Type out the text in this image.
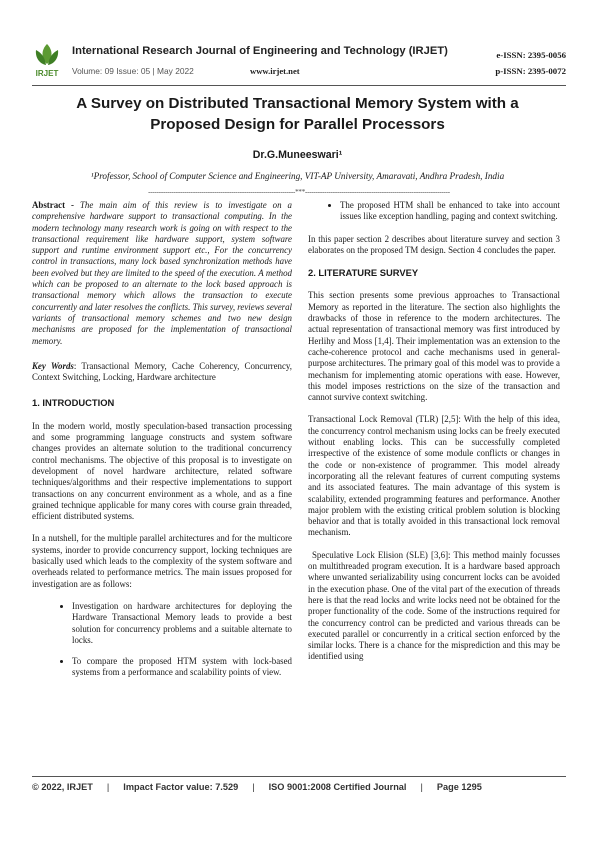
IRJET
International Research Journal of Engineering and Technology (IRJET)
Volume: 09 Issue: 05 | May 2022	www.irjet.net
e-ISSN: 2395-0056
p-ISSN: 2395-0072
A Survey on Distributed Transactional Memory System with a
Proposed Design for Parallel Processors
Dr.G.Muneeswari¹
¹Professor, School of Computer Science and Engineering, VIT-AP University, Amaravati, Andhra Pradesh, India
---------------------------------------------------------------------***--------------------------------------------------------------------

Abstract - The main aim of this review is to investigate on a comprehensive hardware support to transactional computing. In the modern technology many research work is going on with respect to the transactional requirement like hardware support, system software support and runtime environment support etc., For the concurrency control in transactions, many lock based synchronization methods have been evolved but they are limited to the speed of the execution. A method which can be proposed to an alternate to the lock based approach is transactional memory which allows the transaction to execute concurrently and later resolves the conflicts. This survey, reviews several variants of transactional memory schemes and two new design mechanisms are proposed for the implementation of transactional memory.

Key Words: Transactional Memory, Cache Coherency, Concurrency, Context Switching, Locking, Hardware architecture

1. INTRODUCTION

In the modern world, mostly speculation-based transaction processing and some programming language constructs and system software changes provides an alternate solution to the traditional concurrency control mechanisms. The objective of this proposal is to investigate on development of novel hardware architecture, related software techniques/algorithms and their respective implementations to support transactions on any concurrent environment as a whole, and as a fine grained technique applicable for many cores with course grain threaded, efficient distributed systems.

In a nutshell, for the multiple parallel architectures and for the multicore systems, inorder to provide concurrency support, locking techniques are basically used which leads to the complexity of the system software and overheads related to performance metrics. The main issues proposed for investigation are as follows:

• Investigation on hardware architectures for deploying the Hardware Transactional Memory leads to provide a best solution for concurrency problems and a suitable alternate to locks.
• To compare the proposed HTM system with lock-based systems from a performance and scalability points of view.
• The proposed HTM shall be enhanced to take into account issues like exception handling, paging and context switching.

In this paper section 2 describes about literature survey and section 3 elaborates on the proposed TM design. Section 4 concludes the paper.

2. LITERATURE SURVEY

This section presents some previous approaches to Transactional Memory as reported in the literature. The section also highlights the drawbacks of those in reference to the modern architectures. The actual representation of transactional memory was first introduced by Herlihy and Moss [1,4]. Their implementation was an extension to the cache-coherence protocol and cache mechanisms used in general-purpose architectures. The primary goal of this model was to provide a mechanism for implementing atomic operations with ease. However, this model imposes restrictions on the size of the transaction and cannot survive context switching.

Transactional Lock Removal (TLR) [2,5]: With the help of this idea, the concurrency control mechanism using locks can be freely executed without enabling locks. This can be successfully completed irrespective of the existence of some module conflicts or changes in the code or non-existence of programmer. This model already incorporating all the relevant features of current computing systems and its associated features. The main advantage of this system is scalability, extended programming features and performance. Another major problem with the existing critical problem solution is blocking behavior and that is totally avoided in this transactional lock removal mechanism.

Speculative Lock Elision (SLE) [3,6]: This method mainly focusses on multithreaded program execution. It is a hardware based approach where unwanted serializability using concurrent locks can be avoided in the execution phase. One of the vital part of the execution of threads here is that the read locks and write locks need not be obtained for the proper functionality of the code. Some of the instructions required for the concurrency control can be predicted and various threads can be executed parallel or concurrently in a critical section enforced by the similar locks. There is a chance for the misprediction and this may be identified using

© 2022, IRJET | Impact Factor value: 7.529 | ISO 9001:2008 Certified Journal | Page 1295
